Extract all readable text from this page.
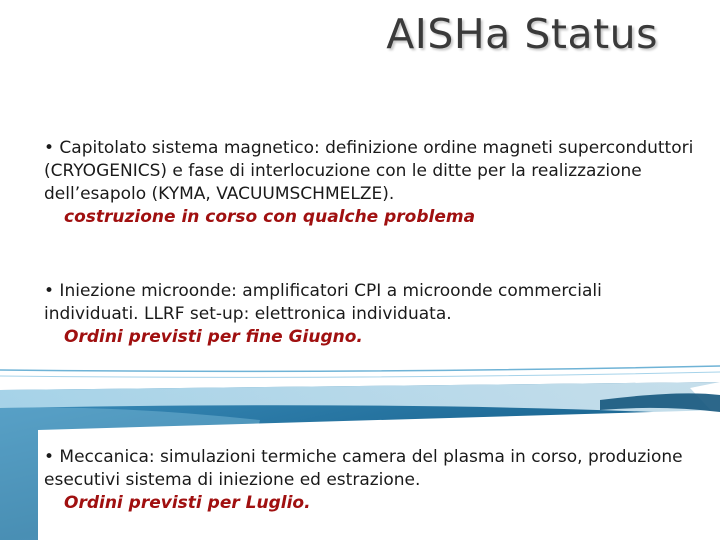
AISHa Status

• Capitolato sistema magnetico: definizione ordine magneti superconduttori (CRYOGENICS) e fase di interlocuzione con le ditte per la realizzazione dell’esapolo (KYMA, VACUUMSCHMELZE).
costruzione in corso con qualche problema

• Iniezione microonde: amplificatori CPI a microonde commerciali individuati. LLRF set-up: elettronica individuata.
Ordini previsti per fine Giugno.

• Meccanica: simulazioni termiche camera del plasma in corso, produzione esecutivi sistema di iniezione ed estrazione.
Ordini previsti per Luglio.
